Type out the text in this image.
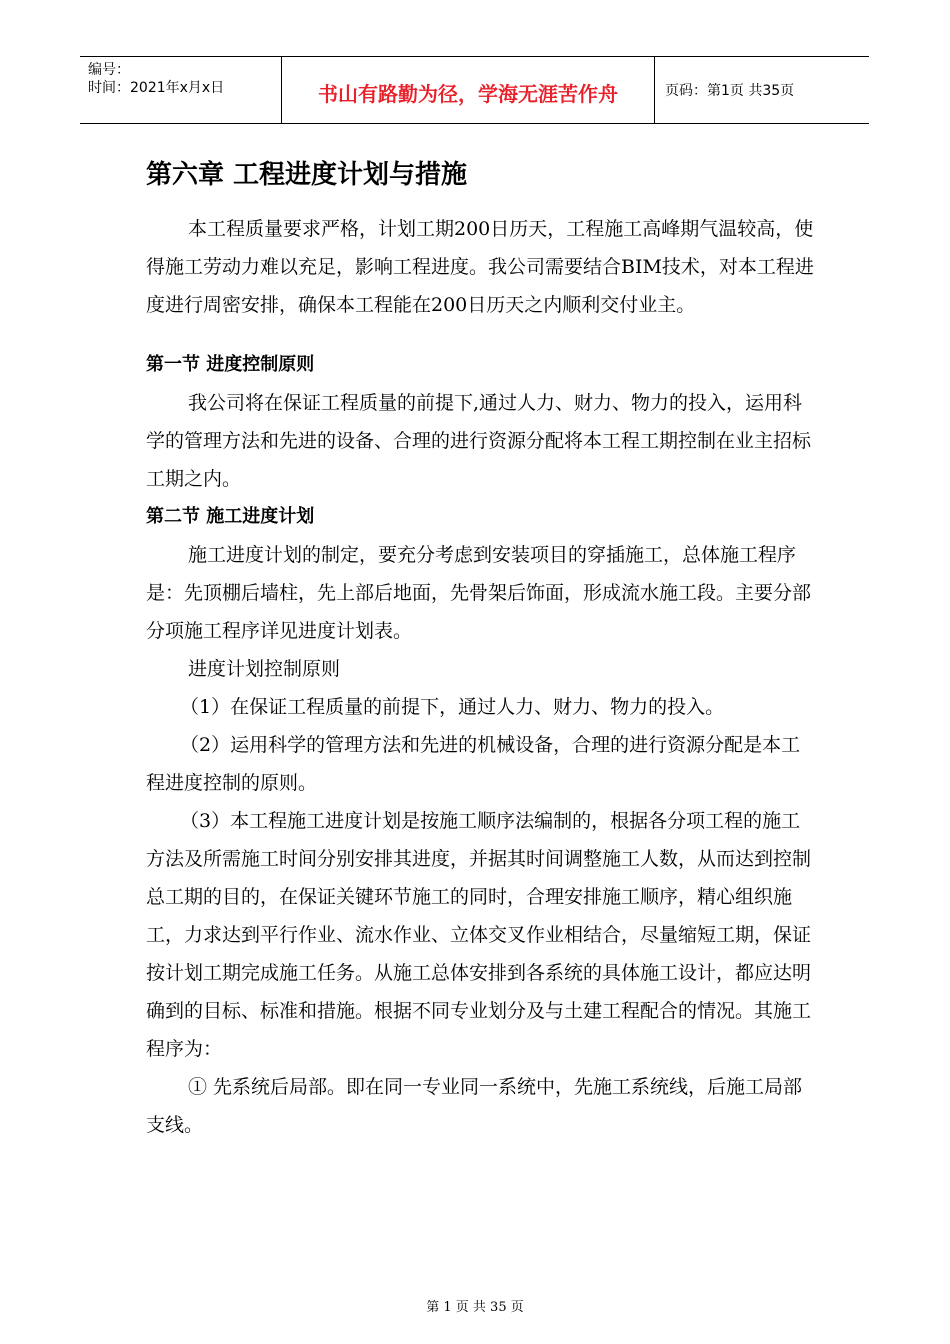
编号：
时间：2021年x月x日	书山有路勤为径，学海无涯苦作舟	页码：第1页 共35页
第六章 工程进度计划与措施

本工程质量要求严格，计划工期200日历天，工程施工高峰期气温较高，使得施工劳动力难以充足，影响工程进度。我公司需要结合BIM技术，对本工程进度进行周密安排，确保本工程能在200日历天之内顺利交付业主。

第一节 进度控制原则

我公司将在保证工程质量的前提下,通过人力、财力、物力的投入，运用科学的管理方法和先进的设备、合理的进行资源分配将本工程工期控制在业主招标工期之内。

第二节 施工进度计划

施工进度计划的制定，要充分考虑到安装项目的穿插施工，总体施工程序是：先顶棚后墙柱，先上部后地面，先骨架后饰面，形成流水施工段。主要分部分项施工程序详见进度计划表。

进度计划控制原则

（1）在保证工程质量的前提下，通过人力、财力、物力的投入。

（2）运用科学的管理方法和先进的机械设备，合理的进行资源分配是本工程进度控制的原则。

（3）本工程施工进度计划是按施工顺序法编制的，根据各分项工程的施工方法及所需施工时间分别安排其进度，并据其时间调整施工人数，从而达到控制总工期的目的，在保证关键环节施工的同时，合理安排施工顺序，精心组织施工，力求达到平行作业、流水作业、立体交叉作业相结合，尽量缩短工期，保证按计划工期完成施工任务。从施工总体安排到各系统的具体施工设计，都应达明确到的目标、标准和措施。根据不同专业划分及与土建工程配合的情况。其施工程序为：

① 先系统后局部。即在同一专业同一系统中，先施工系统线，后施工局部支线。

第 1 页 共 35 页
